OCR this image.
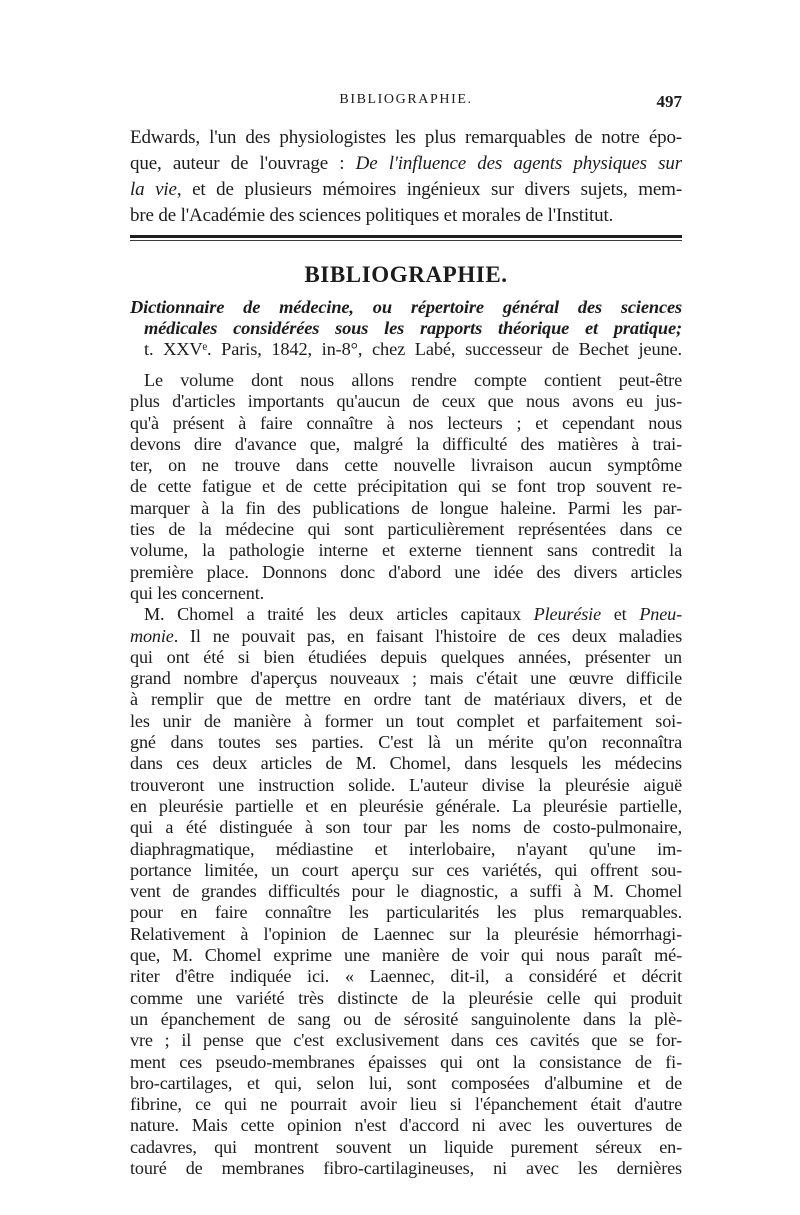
BIBLIOGRAPHIE.	497
Edwards, l'un des physiologistes les plus remarquables de notre épo-
que, auteur de l'ouvrage : De l'influence des agents physiques sur
la vie, et de plusieurs mémoires ingénieux sur divers sujets, mem-
bre de l'Académie des sciences politiques et morales de l'Institut.
BIBLIOGRAPHIE.
Dictionnaire de médecine, ou répertoire général des sciences
médicales considérées sous les rapports théorique et pratique;
t. XXVᵉ. Paris, 1842, in-8°, chez Labé, successeur de Bechet jeune.
Le volume dont nous allons rendre compte contient peut-être
plus d'articles importants qu'aucun de ceux que nous avons eu jus-
qu'à présent à faire connaître à nos lecteurs ; et cependant nous
devons dire d'avance que, malgré la difficulté des matières à trai-
ter, on ne trouve dans cette nouvelle livraison aucun symptôme
de cette fatigue et de cette précipitation qui se font trop souvent re-
marquer à la fin des publications de longue haleine. Parmi les par-
ties de la médecine qui sont particulièrement représentées dans ce
volume, la pathologie interne et externe tiennent sans contredit la
première place. Donnons donc d'abord une idée des divers articles
qui les concernent.
M. Chomel a traité les deux articles capitaux Pleurésie et Pneu-
monie. Il ne pouvait pas, en faisant l'histoire de ces deux maladies
qui ont été si bien étudiées depuis quelques années, présenter un
grand nombre d'aperçus nouveaux ; mais c'était une œuvre difficile
à remplir que de mettre en ordre tant de matériaux divers, et de
les unir de manière à former un tout complet et parfaitement soi-
gné dans toutes ses parties. C'est là un mérite qu'on reconnaîtra
dans ces deux articles de M. Chomel, dans lesquels les médecins
trouveront une instruction solide. L'auteur divise la pleurésie aiguë
en pleurésie partielle et en pleurésie générale. La pleurésie partielle,
qui a été distinguée à son tour par les noms de costo-pulmonaire,
diaphragmatique, médiastine et interlobaire, n'ayant qu'une im-
portance limitée, un court aperçu sur ces variétés, qui offrent sou-
vent de grandes difficultés pour le diagnostic, a suffi à M. Chomel
pour en faire connaître les particularités les plus remarquables.
Relativement à l'opinion de Laennec sur la pleurésie hémorrhagi-
que, M. Chomel exprime une manière de voir qui nous paraît mé-
riter d'être indiquée ici. « Laennec, dit-il, a considéré et décrit
comme une variété très distincte de la pleurésie celle qui produit
un épanchement de sang ou de sérosité sanguinolente dans la plè-
vre ; il pense que c'est exclusivement dans ces cavités que se for-
ment ces pseudo-membranes épaisses qui ont la consistance de fi-
bro-cartilages, et qui, selon lui, sont composées d'albumine et de
fibrine, ce qui ne pourrait avoir lieu si l'épanchement était d'autre
nature. Mais cette opinion n'est d'accord ni avec les ouvertures de
cadavres, qui montrent souvent un liquide purement séreux en-
touré de membranes fibro-cartilagineuses, ni avec les dernières
